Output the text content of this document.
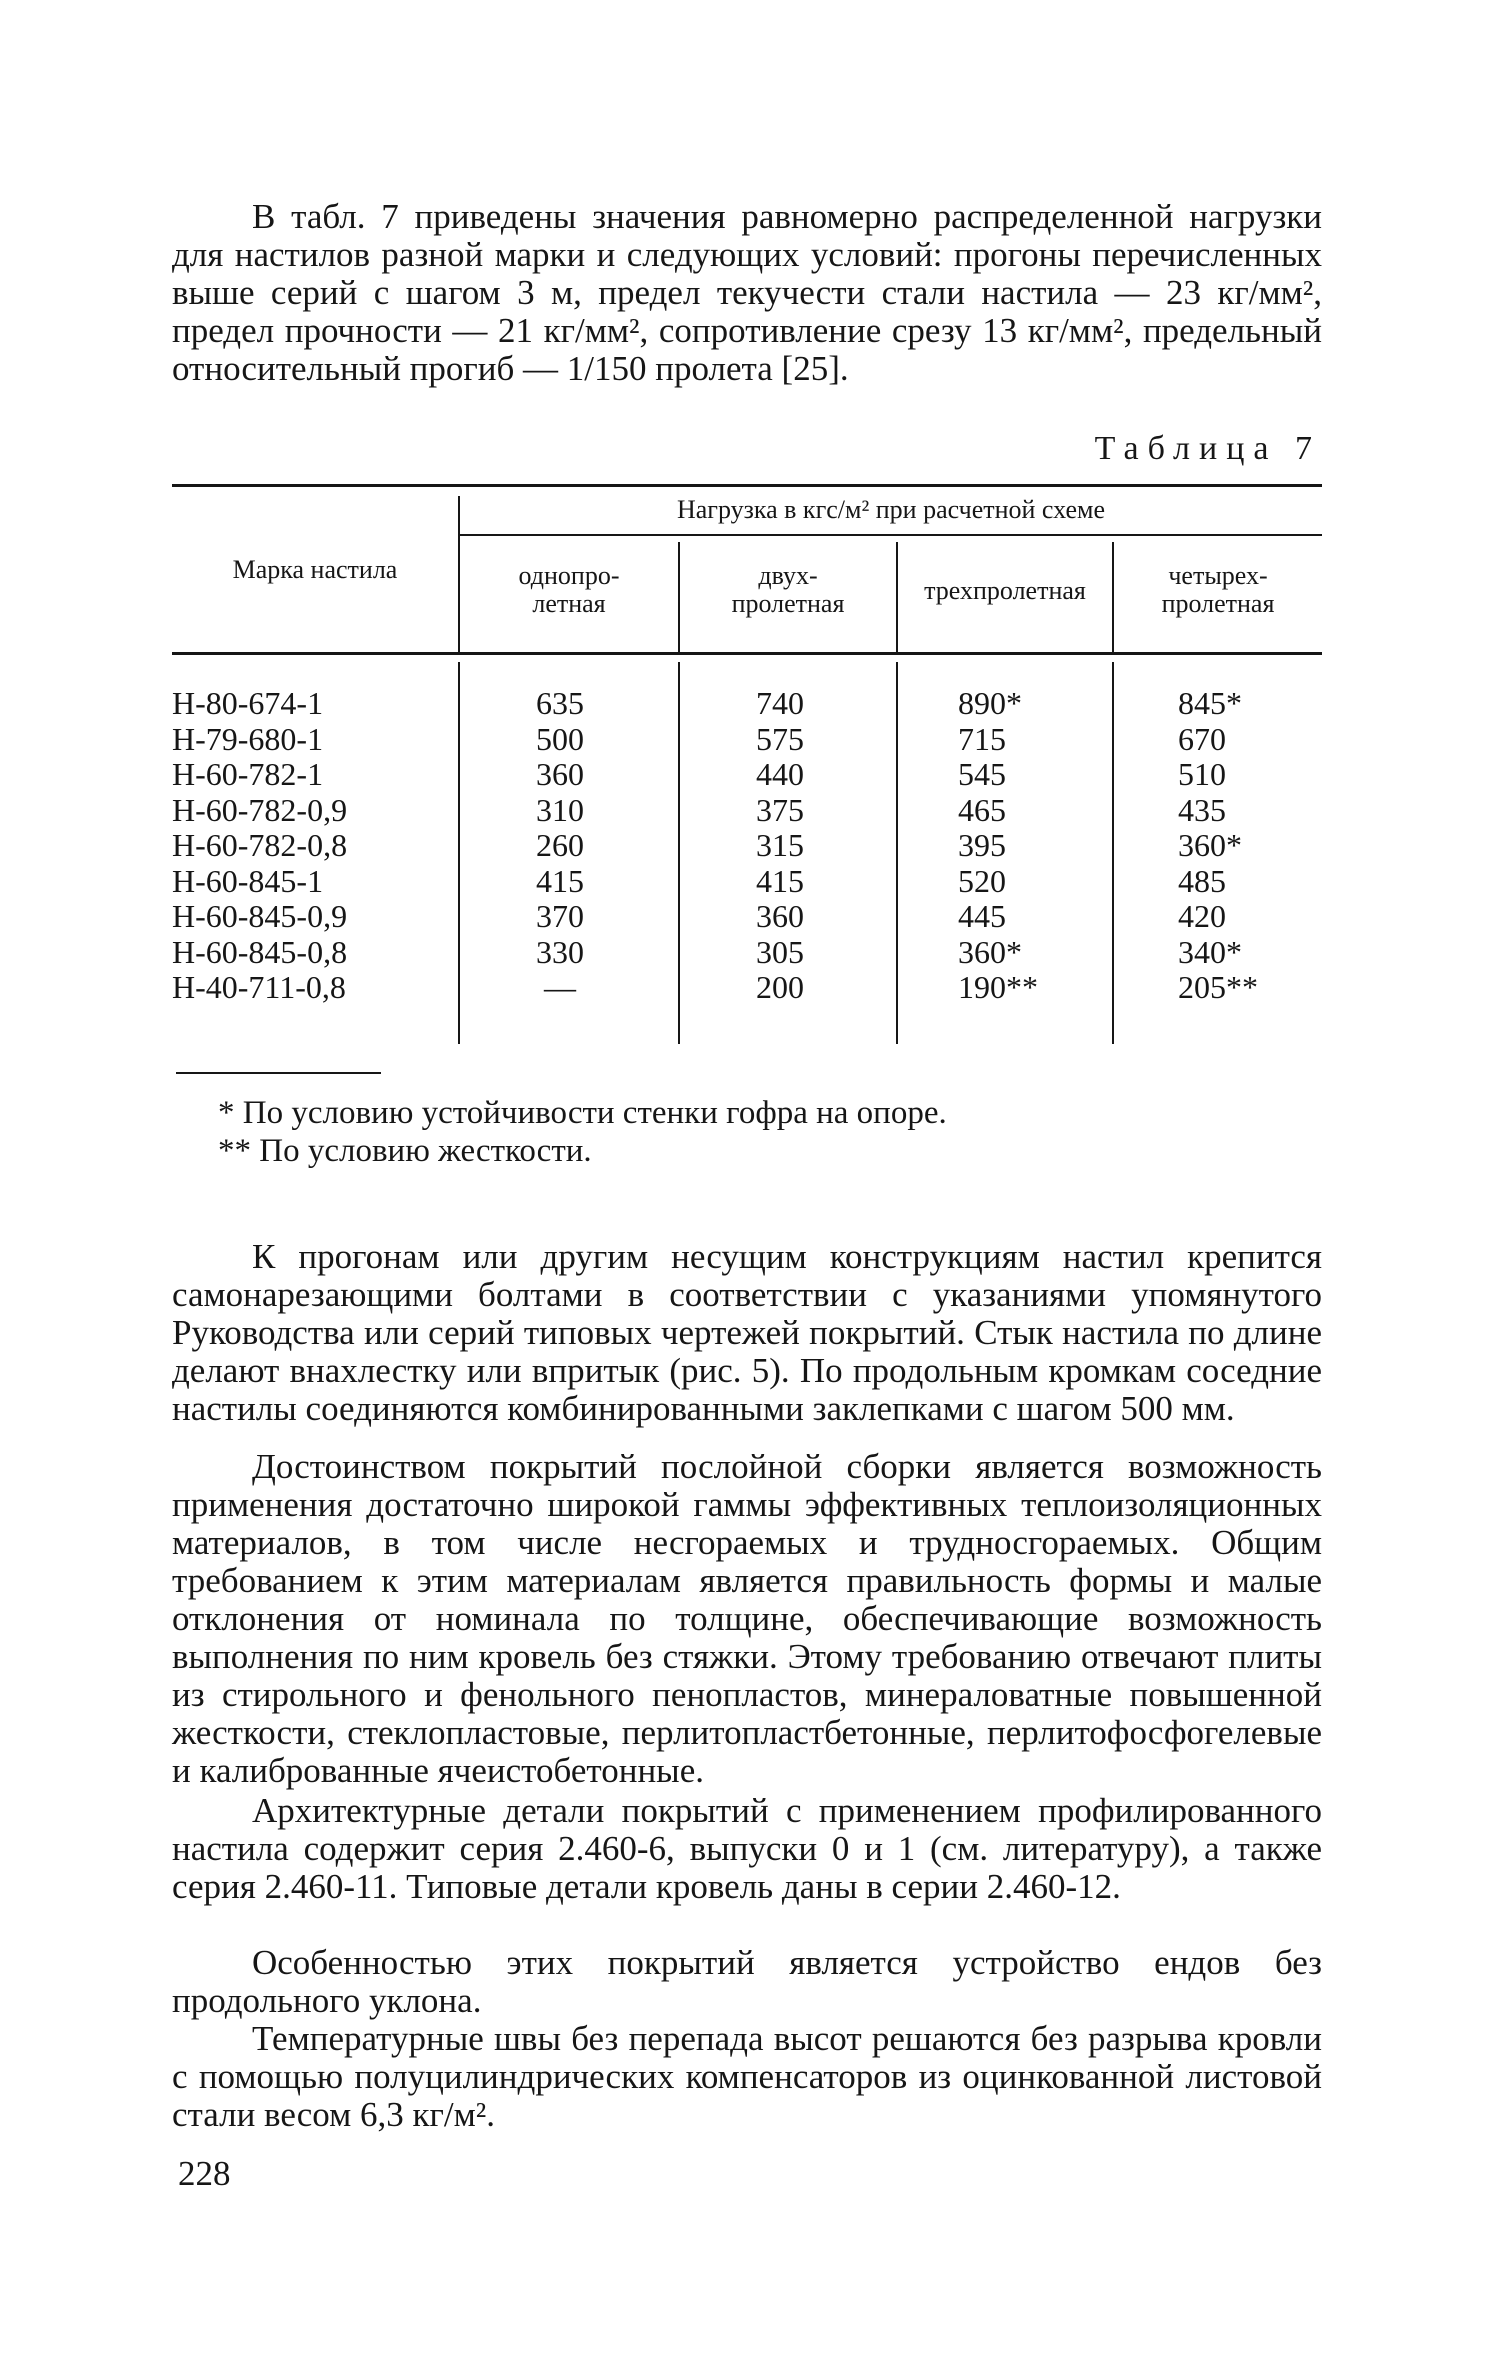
В табл. 7 приведены значения равномерно распределенной нагрузки для настилов разной марки и следующих условий: прогоны перечисленных выше серий с шагом 3 м, предел текучести стали настила — 23 кг/мм², предел прочности — 21 кг/мм², сопротивление срезу 13 кг/мм², предельный относительный прогиб — 1/150 пролета [25].

Таблица 7

Марка настила
Нагрузка в кгс/м² при расчетной схеме
однопро-
летная
двух-
пролетная	трехпролетная
четырех-
пролетная
Н-80-674-1
Н-79-680-1
Н-60-782-1
Н-60-782-0,9
Н-60-782-0,8
Н-60-845-1
Н-60-845-0,9
Н-60-845-0,8
Н-40-711-0,8
635
500
360
310
260
415
370
330
—
740
575
440
375
315
415
360
305
200
890*
715
545
465
395
520
445
360*
190**
845*
670
510
435
360*
485
420
340*
205**

* По условию устойчивости стенки гофра на опоре.

** По условию жесткости.

К прогонам или другим несущим конструкциям настил крепится самонарезающими болтами в соответствии с указаниями упомянутого Руководства или серий типовых чертежей покрытий. Стык настила по длине делают внахлестку или впритык (рис. 5). По продольным кромкам соседние настилы соединяются комбинированными заклепками с шагом 500 мм.

Достоинством покрытий послойной сборки является возможность применения достаточно широкой гаммы эффективных теплоизоляционных материалов, в том числе несгораемых и трудносгораемых. Общим требованием к этим материалам является правильность формы и малые отклонения от номинала по толщине, обеспечивающие возможность выполнения по ним кровель без стяжки. Этому требованию отвечают плиты из стирольного и фенольного пенопластов, минераловатные повышенной жесткости, стеклопластовые, перлитопластбетонные, перлитофосфогелевые и калиброванные ячеистобетонные.

Архитектурные детали покрытий с применением профилированного настила содержит серия 2.460-6, выпуски 0 и 1 (см. литературу), а также серия 2.460-11. Типовые детали кровель даны в серии 2.460-12.

Особенностью этих покрытий является устройство ендов без продольного уклона.

Температурные швы без перепада высот решаются без разрыва кровли с помощью полуцилиндрических компенсаторов из оцинкованной листовой стали весом 6,3 кг/м².

228
